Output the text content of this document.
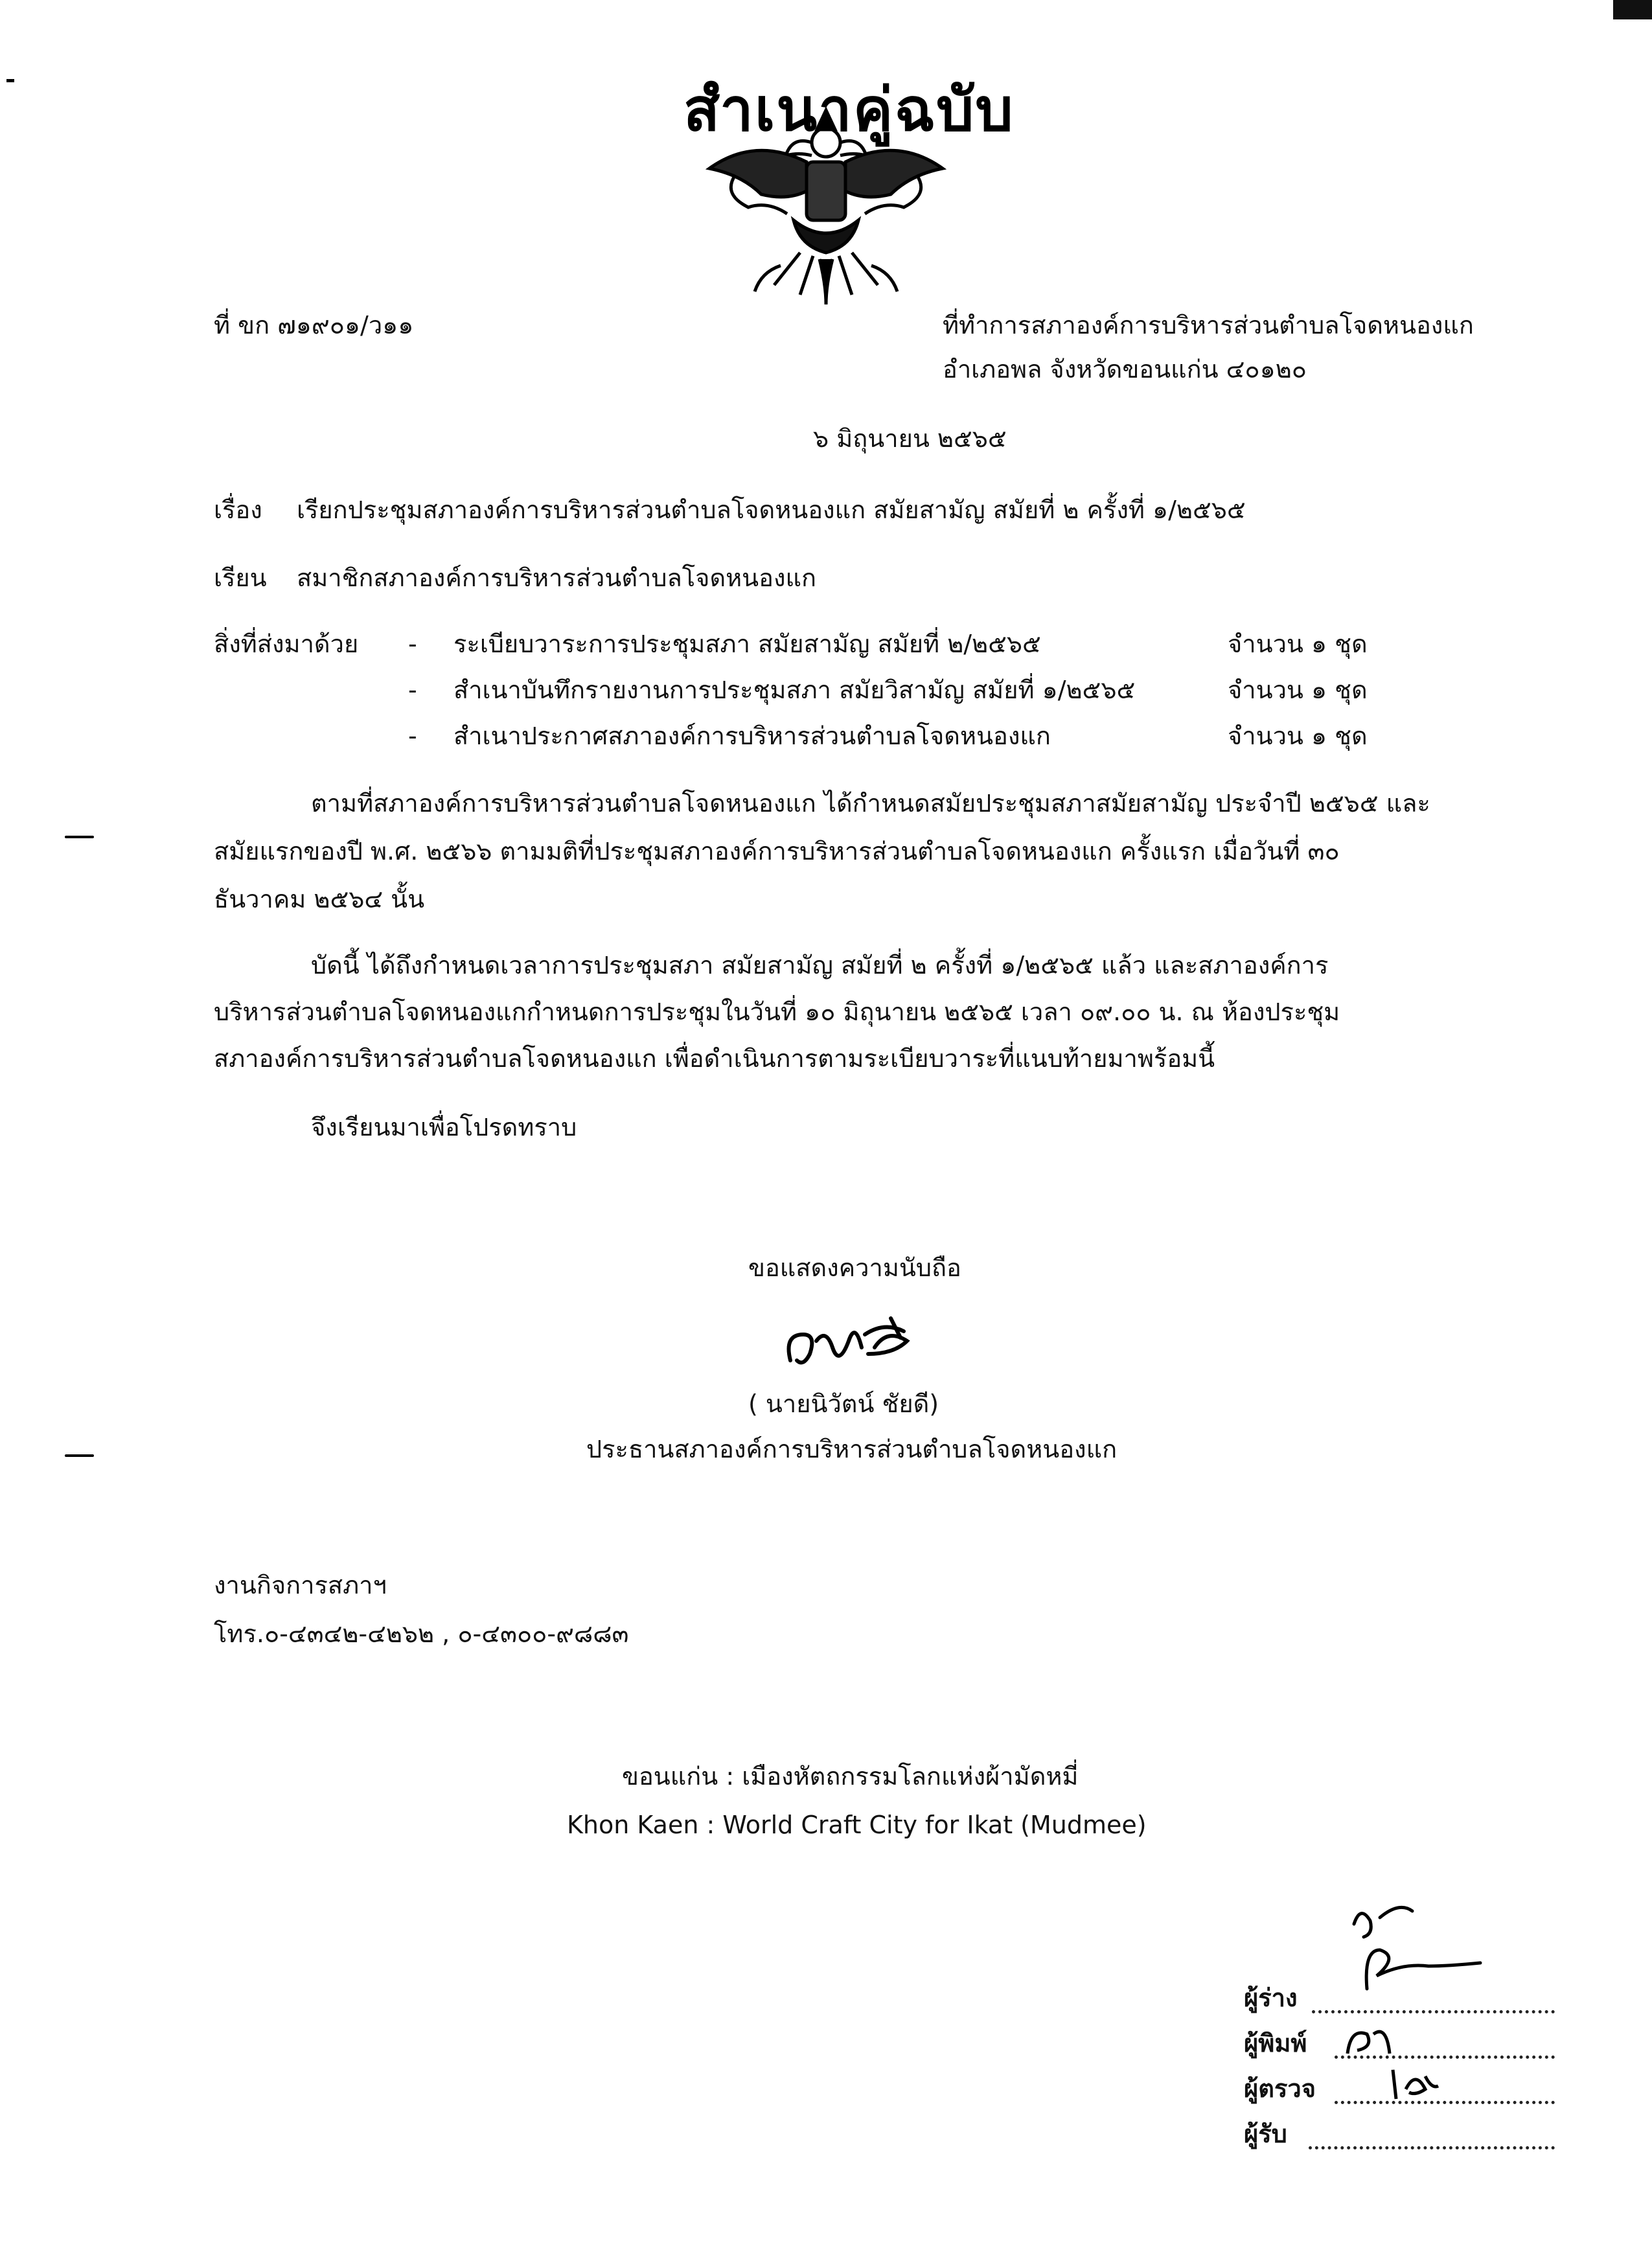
สำเนาคู่ฉบับ
ที่ ขก ๗๑๙๐๑/ว๑๑	ที่ทำการสภาองค์การบริหารส่วนตำบลโจดหนองแก
อำเภอพล จังหวัดขอนแก่น ๔๐๑๒๐
๖ มิถุนายน ๒๕๖๕
เรื่อง เรียกประชุมสภาองค์การบริหารส่วนตำบลโจดหนองแก สมัยสามัญ สมัยที่ ๒ ครั้งที่ ๑/๒๕๖๕
เรียน สมาชิกสภาองค์การบริหารส่วนตำบลโจดหนองแก
สิ่งที่ส่งมาด้วย - ระเบียบวาระการประชุมสภา สมัยสามัญ สมัยที่ ๒/๒๕๖๕	จำนวน ๑ ชุด
- สำเนาบันทึกรายงานการประชุมสภา สมัยวิสามัญ สมัยที่ ๑/๒๕๖๕	จำนวน ๑ ชุด
- สำเนาประกาศสภาองค์การบริหารส่วนตำบลโจดหนองแก	จำนวน ๑ ชุด
ตามที่สภาองค์การบริหารส่วนตำบลโจดหนองแก ได้กำหนดสมัยประชุมสภาสมัยสามัญ ประจำปี ๒๕๖๕ และ
สมัยแรกของปี พ.ศ. ๒๕๖๖ ตามมติที่ประชุมสภาองค์การบริหารส่วนตำบลโจดหนองแก ครั้งแรก เมื่อวันที่ ๓๐
ธันวาคม ๒๕๖๔ นั้น
บัดนี้ ได้ถึงกำหนดเวลาการประชุมสภา สมัยสามัญ สมัยที่ ๒ ครั้งที่ ๑/๒๕๖๕ แล้ว และสภาองค์การ
บริหารส่วนตำบลโจดหนองแกกำหนดการประชุมในวันที่ ๑๐ มิถุนายน ๒๕๖๕ เวลา ๐๙.๐๐ น. ณ ห้องประชุม
สภาองค์การบริหารส่วนตำบลโจดหนองแก เพื่อดำเนินการตามระเบียบวาระที่แนบท้ายมาพร้อมนี้
จึงเรียนมาเพื่อโปรดทราบ
ขอแสดงความนับถือ
( นายนิวัตน์ ชัยดี)
ประธานสภาองค์การบริหารส่วนตำบลโจดหนองแก
งานกิจการสภาฯ
โทร.๐-๔๓๔๒-๔๒๖๒ , ๐-๔๓๐๐-๙๘๘๓
ขอนแก่น : เมืองหัตถกรรมโลกแห่งผ้ามัดหมี่
Khon Kaen : World Craft City for Ikat (Mudmee)
ผู้ร่าง
ผู้พิมพ์
ผู้ตรวจ
ผู้รับ
